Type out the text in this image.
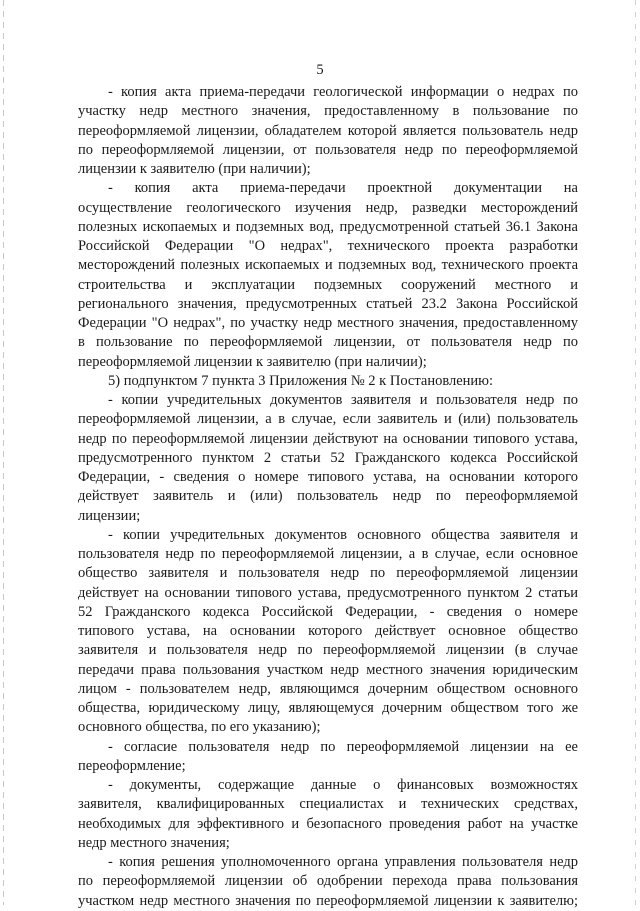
5
- копия акта приема-передачи геологической информации о недрах по
участку недр местного значения, предоставленному в пользование по
переоформляемой лицензии, обладателем которой является пользователь недр
по переоформляемой лицензии, от пользователя недр по переоформляемой
лицензии к заявителю (при наличии);
- копия акта приема-передачи проектной документации на
осуществление геологического изучения недр, разведки месторождений
полезных ископаемых и подземных вод, предусмотренной статьей 36.1 Закона
Российской Федерации "О недрах", технического проекта разработки
месторождений полезных ископаемых и подземных вод, технического проекта
строительства и эксплуатации подземных сооружений местного и
регионального значения, предусмотренных статьей 23.2 Закона Российской
Федерации "О недрах", по участку недр местного значения, предоставленному
в пользование по переоформляемой лицензии, от пользователя недр по
переоформляемой лицензии к заявителю (при наличии);
5) подпунктом 7 пункта 3 Приложения № 2 к Постановлению:
- копии учредительных документов заявителя и пользователя недр по
переоформляемой лицензии, а в случае, если заявитель и (или) пользователь
недр по переоформляемой лицензии действуют на основании типового устава,
предусмотренного пунктом 2 статьи 52 Гражданского кодекса Российской
Федерации, - сведения о номере типового устава, на основании которого
действует заявитель и (или) пользователь недр по переоформляемой
лицензии;
- копии учредительных документов основного общества заявителя и
пользователя недр по переоформляемой лицензии, а в случае, если основное
общество заявителя и пользователя недр по переоформляемой лицензии
действует на основании типового устава, предусмотренного пунктом 2 статьи
52 Гражданского кодекса Российской Федерации, - сведения о номере
типового устава, на основании которого действует основное общество
заявителя и пользователя недр по переоформляемой лицензии (в случае
передачи права пользования участком недр местного значения юридическим
лицом - пользователем недр, являющимся дочерним обществом основного
общества, юридическому лицу, являющемуся дочерним обществом того же
основного общества, по его указанию);
- согласие пользователя недр по переоформляемой лицензии на ее
переоформление;
- документы, содержащие данные о финансовых возможностях
заявителя, квалифицированных специалистах и технических средствах,
необходимых для эффективного и безопасного проведения работ на участке
недр местного значения;
- копия решения уполномоченного органа управления пользователя недр
по переоформляемой лицензии об одобрении перехода права пользования
участком недр местного значения по переоформляемой лицензии к заявителю;
